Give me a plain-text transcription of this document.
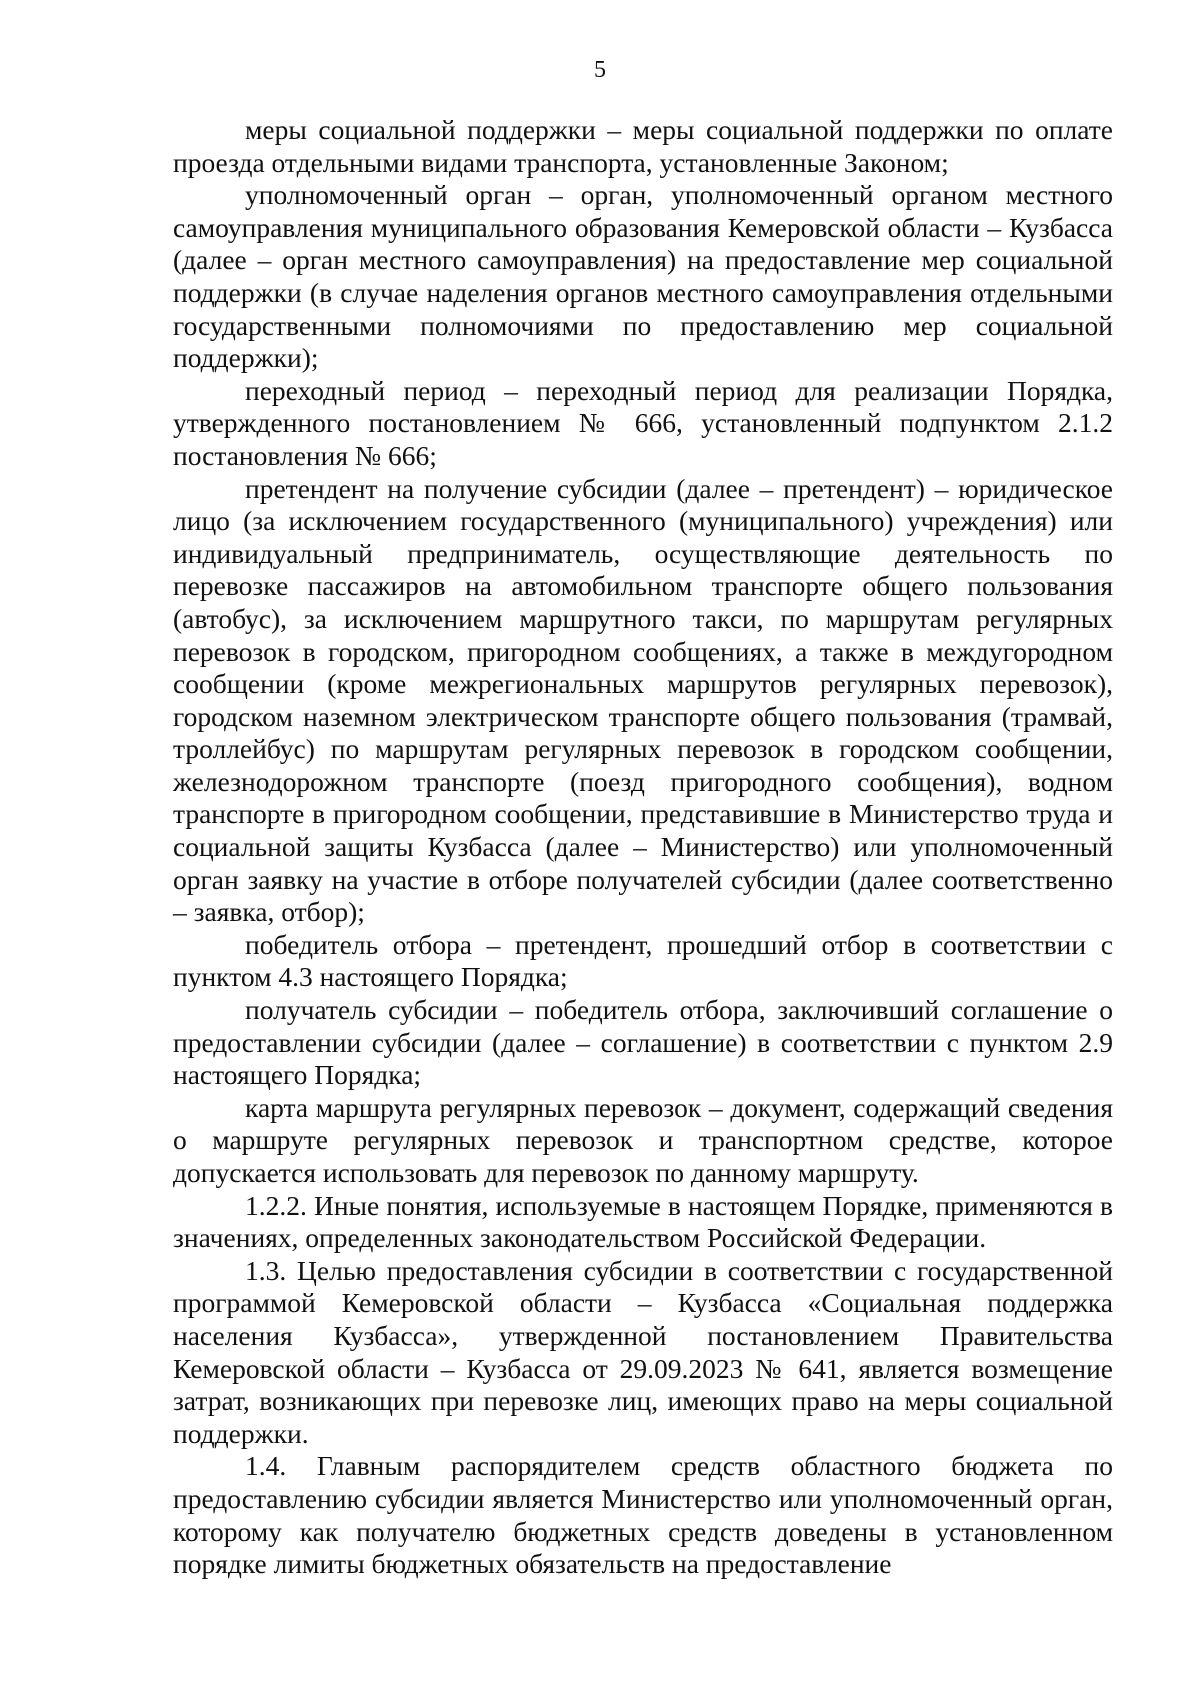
5

меры социальной поддержки – меры социальной поддержки по оплате проезда отдельными видами транспорта, установленные Законом;

уполномоченный орган – орган, уполномоченный органом местного самоуправления муниципального образования Кемеровской области – Кузбасса (далее – орган местного самоуправления) на предоставление мер социальной поддержки (в случае наделения органов местного самоуправления отдельными государственными полномочиями по предоставлению мер социальной поддержки);

переходный период – переходный период для реализации Порядка, утвержденного постановлением № 666, установленный подпунктом 2.1.2 постановления № 666;

претендент на получение субсидии (далее – претендент) – юридическое лицо (за исключением государственного (муниципального) учреждения) или индивидуальный предприниматель, осуществляющие деятельность по перевозке пассажиров на автомобильном транспорте общего пользования (автобус), за исключением маршрутного такси, по маршрутам регулярных перевозок в городском, пригородном сообщениях, а также в междугородном сообщении (кроме межрегиональных маршрутов регулярных перевозок), городском наземном электрическом транспорте общего пользования (трамвай, троллейбус) по маршрутам регулярных перевозок в городском сообщении, железнодорожном транспорте (поезд пригородного сообщения), водном транспорте в пригородном сообщении, представившие в Министерство труда и социальной защиты Кузбасса (далее – Министерство) или уполномоченный орган заявку на участие в отборе получателей субсидии (далее соответственно – заявка, отбор);

победитель отбора – претендент, прошедший отбор в соответствии с пунктом 4.3 настоящего Порядка;

получатель субсидии – победитель отбора, заключивший соглашение о предоставлении субсидии (далее – соглашение) в соответствии с пунктом 2.9 настоящего Порядка;

карта маршрута регулярных перевозок – документ, содержащий сведения о маршруте регулярных перевозок и транспортном средстве, которое допускается использовать для перевозок по данному маршруту.

1.2.2. Иные понятия, используемые в настоящем Порядке, применяются в значениях, определенных законодательством Российской Федерации.

1.3. Целью предоставления субсидии в соответствии с государственной программой Кемеровской области – Кузбасса «Социальная поддержка населения Кузбасса», утвержденной постановлением Правительства Кемеровской области – Кузбасса от 29.09.2023 № 641, является возмещение затрат, возникающих при перевозке лиц, имеющих право на меры социальной поддержки.

1.4. Главным распорядителем средств областного бюджета по предоставлению субсидии является Министерство или уполномоченный орган, которому как получателю бюджетных средств доведены в установленном порядке лимиты бюджетных обязательств на предоставление
